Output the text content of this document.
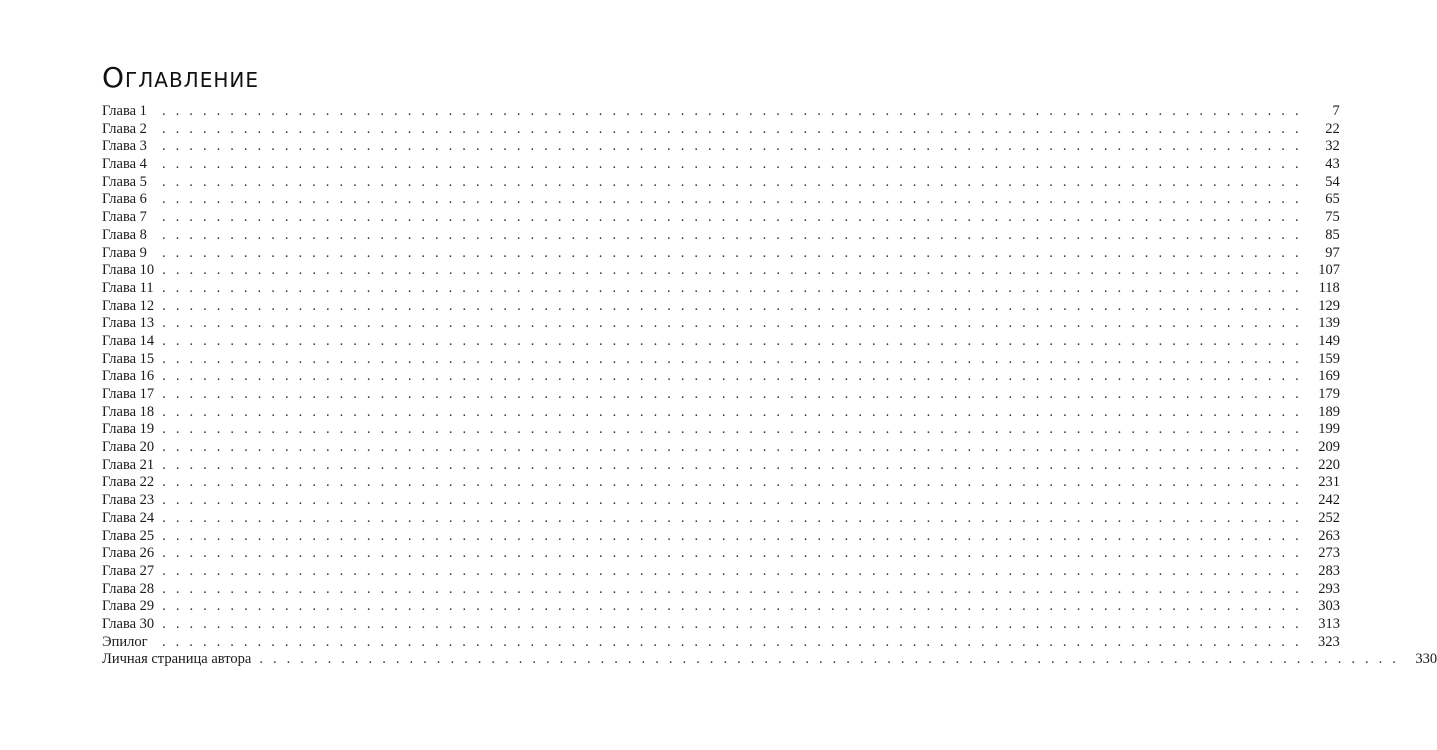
Оглавление
Глава 1	. . . . . . . . . . . . . . . . . . . . . . . . . . . . . . . . . . . . . . . . . . . . . . . . . . . . . . . . . . . . . . . . . . . . . . . . . . . . . . . . . . . .	7
Глава 2	. . . . . . . . . . . . . . . . . . . . . . . . . . . . . . . . . . . . . . . . . . . . . . . . . . . . . . . . . . . . . . . . . . . . . . . . . . . . . . . . . . . .	22
Глава 3	. . . . . . . . . . . . . . . . . . . . . . . . . . . . . . . . . . . . . . . . . . . . . . . . . . . . . . . . . . . . . . . . . . . . . . . . . . . . . . . . . . . .	32
Глава 4	. . . . . . . . . . . . . . . . . . . . . . . . . . . . . . . . . . . . . . . . . . . . . . . . . . . . . . . . . . . . . . . . . . . . . . . . . . . . . . . . . . . .	43
Глава 5	. . . . . . . . . . . . . . . . . . . . . . . . . . . . . . . . . . . . . . . . . . . . . . . . . . . . . . . . . . . . . . . . . . . . . . . . . . . . . . . . . . . .	54
Глава 6	. . . . . . . . . . . . . . . . . . . . . . . . . . . . . . . . . . . . . . . . . . . . . . . . . . . . . . . . . . . . . . . . . . . . . . . . . . . . . . . . . . . .	65
Глава 7	. . . . . . . . . . . . . . . . . . . . . . . . . . . . . . . . . . . . . . . . . . . . . . . . . . . . . . . . . . . . . . . . . . . . . . . . . . . . . . . . . . . .	75
Глава 8	. . . . . . . . . . . . . . . . . . . . . . . . . . . . . . . . . . . . . . . . . . . . . . . . . . . . . . . . . . . . . . . . . . . . . . . . . . . . . . . . . . . .	85
Глава 9	. . . . . . . . . . . . . . . . . . . . . . . . . . . . . . . . . . . . . . . . . . . . . . . . . . . . . . . . . . . . . . . . . . . . . . . . . . . . . . . . . . . .	97
Глава 10 . . . . . . . . . . . . . . . . . . . . . . . . . . . . . . . . . . . . . . . . . . . . . . . . . . . . . . . . . . . . . . . . . . . . . . . . . . . . . . . . . . . .	107
Глава 11 . . . . . . . . . . . . . . . . . . . . . . . . . . . . . . . . . . . . . . . . . . . . . . . . . . . . . . . . . . . . . . . . . . . . . . . . . . . . . . . . . . . .	118
Глава 12 . . . . . . . . . . . . . . . . . . . . . . . . . . . . . . . . . . . . . . . . . . . . . . . . . . . . . . . . . . . . . . . . . . . . . . . . . . . . . . . . . . . .	129
Глава 13 . . . . . . . . . . . . . . . . . . . . . . . . . . . . . . . . . . . . . . . . . . . . . . . . . . . . . . . . . . . . . . . . . . . . . . . . . . . . . . . . . . . .	139
Глава 14 . . . . . . . . . . . . . . . . . . . . . . . . . . . . . . . . . . . . . . . . . . . . . . . . . . . . . . . . . . . . . . . . . . . . . . . . . . . . . . . . . . . .	149
Глава 15 . . . . . . . . . . . . . . . . . . . . . . . . . . . . . . . . . . . . . . . . . . . . . . . . . . . . . . . . . . . . . . . . . . . . . . . . . . . . . . . . . . . .	159
Глава 16 . . . . . . . . . . . . . . . . . . . . . . . . . . . . . . . . . . . . . . . . . . . . . . . . . . . . . . . . . . . . . . . . . . . . . . . . . . . . . . . . . . . .	169
Глава 17 . . . . . . . . . . . . . . . . . . . . . . . . . . . . . . . . . . . . . . . . . . . . . . . . . . . . . . . . . . . . . . . . . . . . . . . . . . . . . . . . . . . .	179
Глава 18 . . . . . . . . . . . . . . . . . . . . . . . . . . . . . . . . . . . . . . . . . . . . . . . . . . . . . . . . . . . . . . . . . . . . . . . . . . . . . . . . . . . .	189
Глава 19 . . . . . . . . . . . . . . . . . . . . . . . . . . . . . . . . . . . . . . . . . . . . . . . . . . . . . . . . . . . . . . . . . . . . . . . . . . . . . . . . . . . .	199
Глава 20 . . . . . . . . . . . . . . . . . . . . . . . . . . . . . . . . . . . . . . . . . . . . . . . . . . . . . . . . . . . . . . . . . . . . . . . . . . . . . . . . . . . .	209
Глава 21 . . . . . . . . . . . . . . . . . . . . . . . . . . . . . . . . . . . . . . . . . . . . . . . . . . . . . . . . . . . . . . . . . . . . . . . . . . . . . . . . . . . .	220
Глава 22 . . . . . . . . . . . . . . . . . . . . . . . . . . . . . . . . . . . . . . . . . . . . . . . . . . . . . . . . . . . . . . . . . . . . . . . . . . . . . . . . . . . .	231
Глава 23 . . . . . . . . . . . . . . . . . . . . . . . . . . . . . . . . . . . . . . . . . . . . . . . . . . . . . . . . . . . . . . . . . . . . . . . . . . . . . . . . . . . .	242
Глава 24 . . . . . . . . . . . . . . . . . . . . . . . . . . . . . . . . . . . . . . . . . . . . . . . . . . . . . . . . . . . . . . . . . . . . . . . . . . . . . . . . . . . .	252
Глава 25 . . . . . . . . . . . . . . . . . . . . . . . . . . . . . . . . . . . . . . . . . . . . . . . . . . . . . . . . . . . . . . . . . . . . . . . . . . . . . . . . . . . .	263
Глава 26 . . . . . . . . . . . . . . . . . . . . . . . . . . . . . . . . . . . . . . . . . . . . . . . . . . . . . . . . . . . . . . . . . . . . . . . . . . . . . . . . . . . .	273
Глава 27 . . . . . . . . . . . . . . . . . . . . . . . . . . . . . . . . . . . . . . . . . . . . . . . . . . . . . . . . . . . . . . . . . . . . . . . . . . . . . . . . . . . .	283
Глава 28 . . . . . . . . . . . . . . . . . . . . . . . . . . . . . . . . . . . . . . . . . . . . . . . . . . . . . . . . . . . . . . . . . . . . . . . . . . . . . . . . . . . .	293
Глава 29 . . . . . . . . . . . . . . . . . . . . . . . . . . . . . . . . . . . . . . . . . . . . . . . . . . . . . . . . . . . . . . . . . . . . . . . . . . . . . . . . . . . .	303
Глава 30 . . . . . . . . . . . . . . . . . . . . . . . . . . . . . . . . . . . . . . . . . . . . . . . . . . . . . . . . . . . . . . . . . . . . . . . . . . . . . . . . . . . .	313
Эпилог . . . . . . . . . . . . . . . . . . . . . . . . . . . . . . . . . . . . . . . . . . . . . . . . . . . . . . . . . . . . . . . . . . . . . . . . . . . . . . . . . . . .	323
Личная страница автора . . . . . . . . . . . . . . . . . . . . . . . . . . . . . . . . . . . . . . . . . . . . . . . . . . . . . . . . . . . . . . . . . . . . . . . . . . . . . . . . . . . .	330
